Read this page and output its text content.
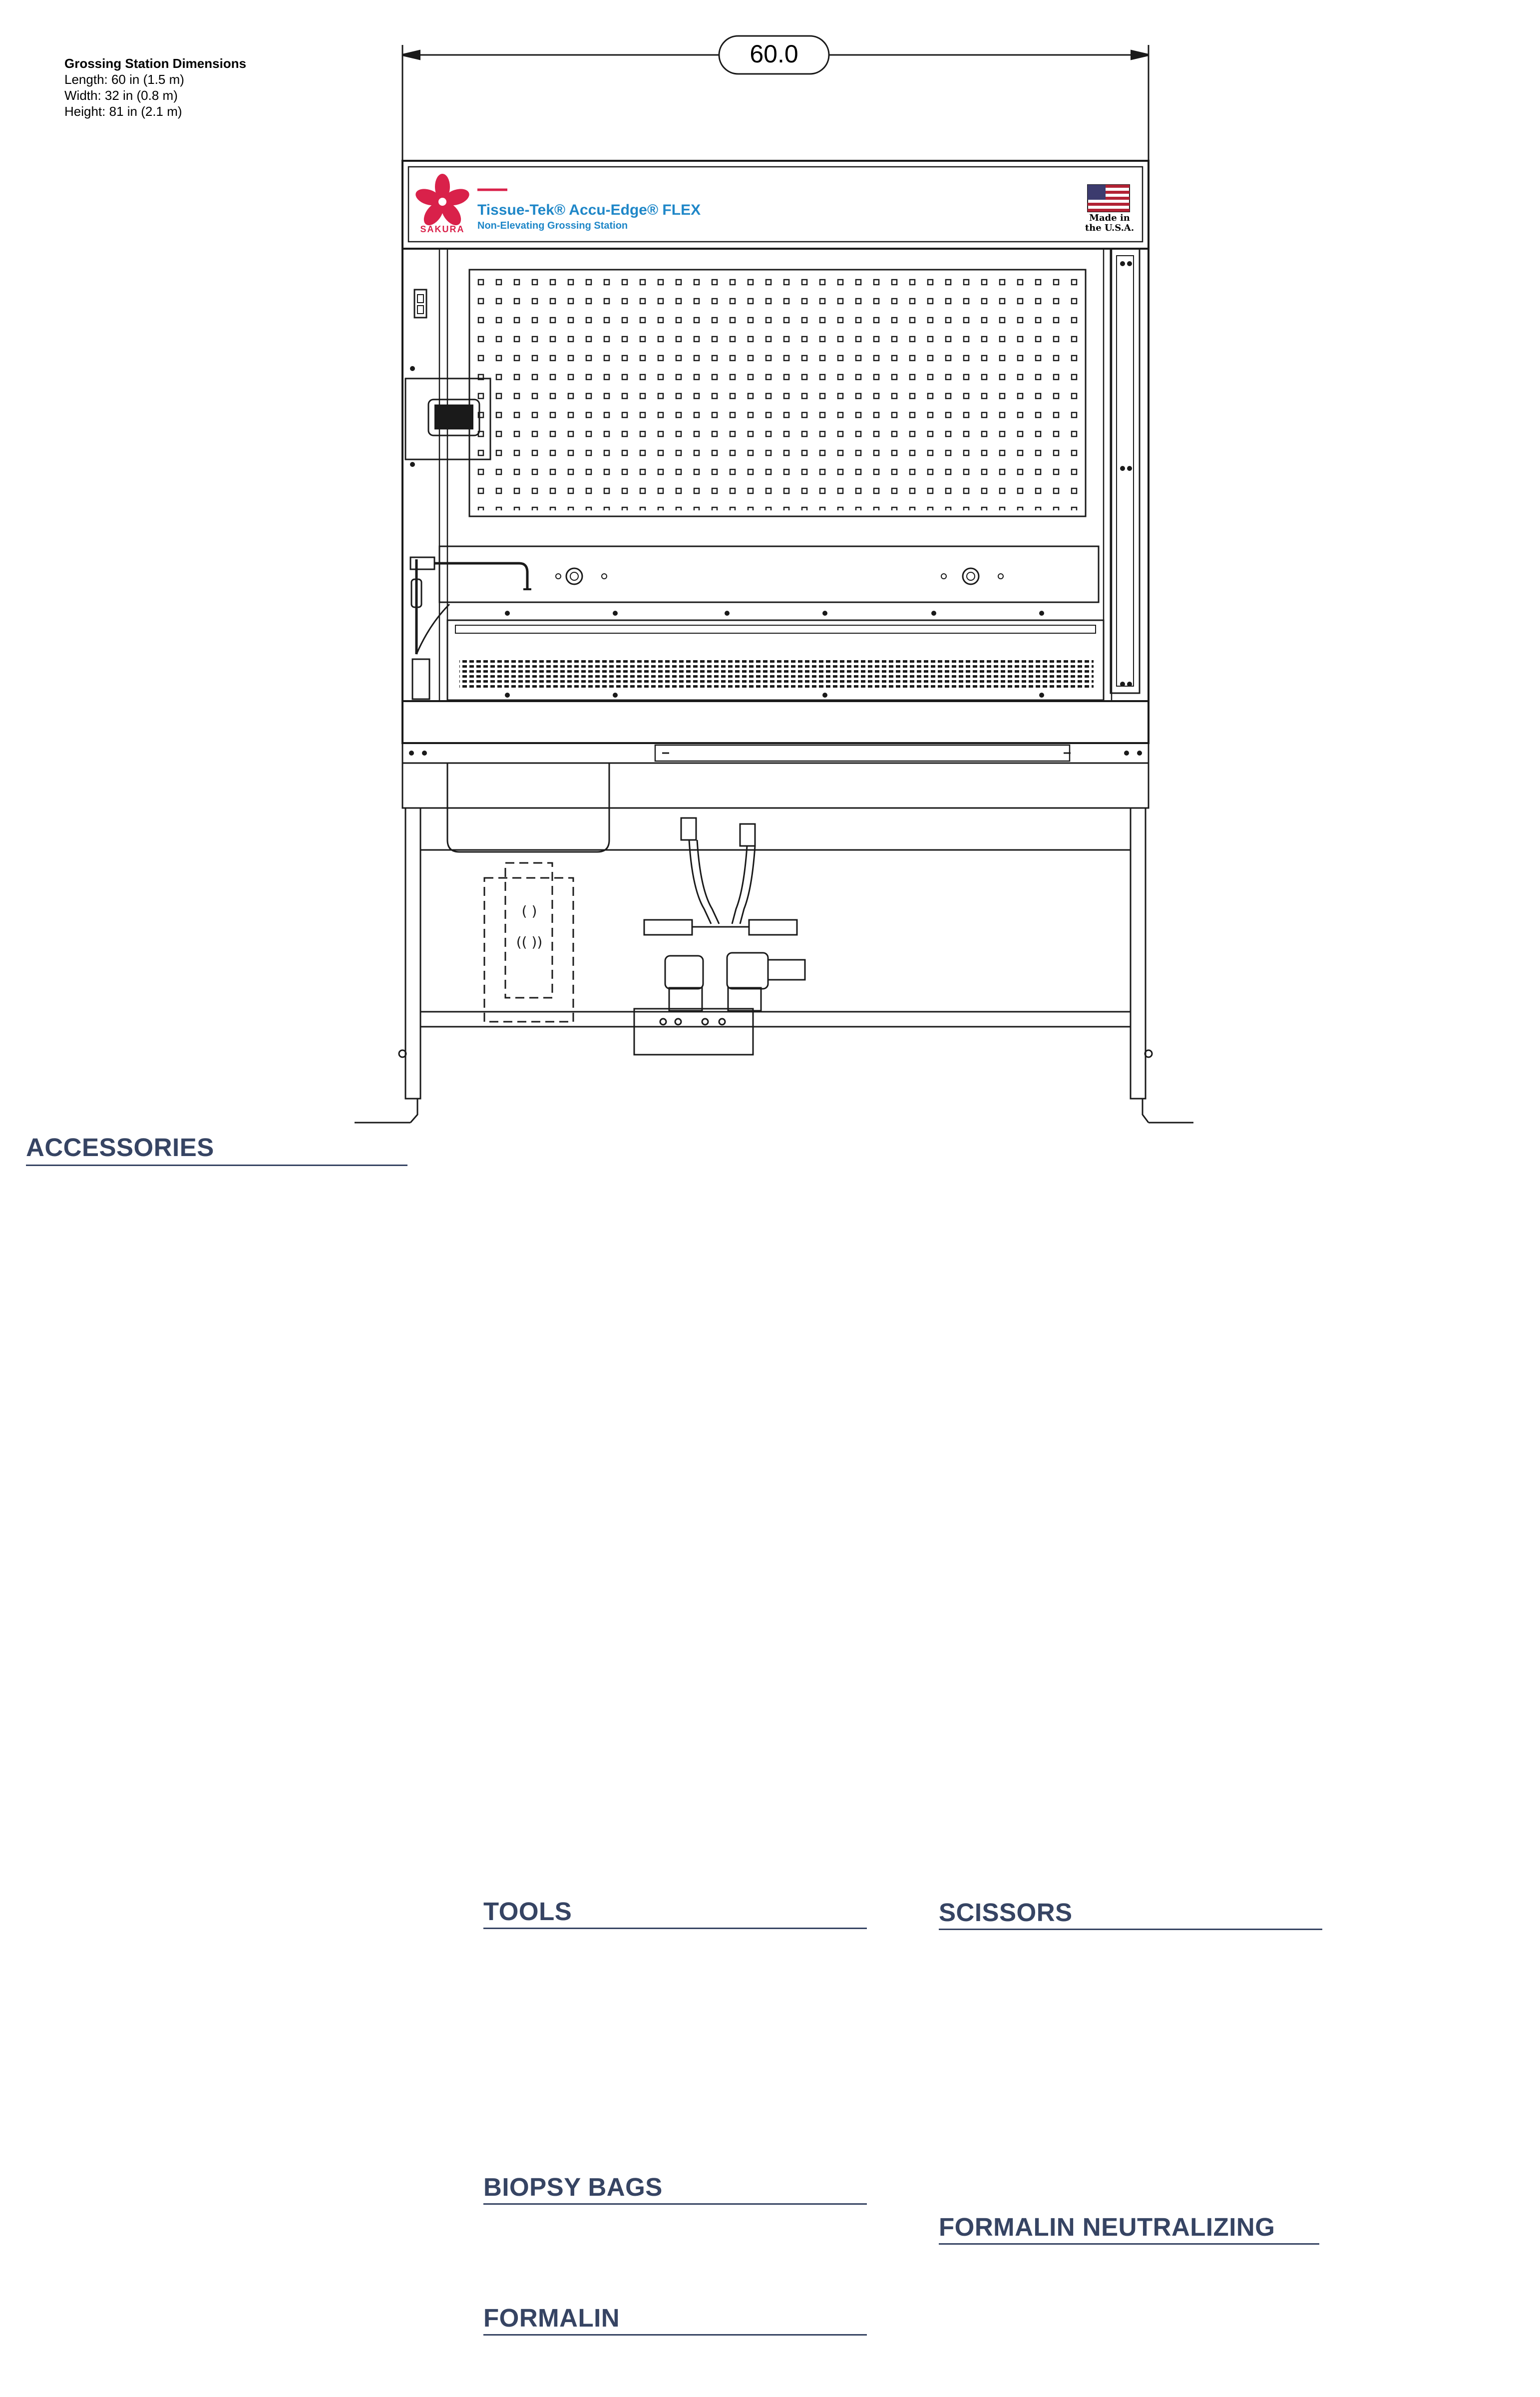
Grossing Station Dimensions
Length: 60 in (1.5 m)
Width: 32 in (0.8 m)
Height: 81 in (2.1 m)
60.0
SAKURA
Tissue-Tek® Accu-Edge® FLEX
Non-Elevating Grossing Station
Made in
the U.S.A.
( )
(( ))
ACCESSORIES
TOOLS	SCISSORS
BIOPSY BAGS
FORMALIN NEUTRALIZING
FORMALIN
